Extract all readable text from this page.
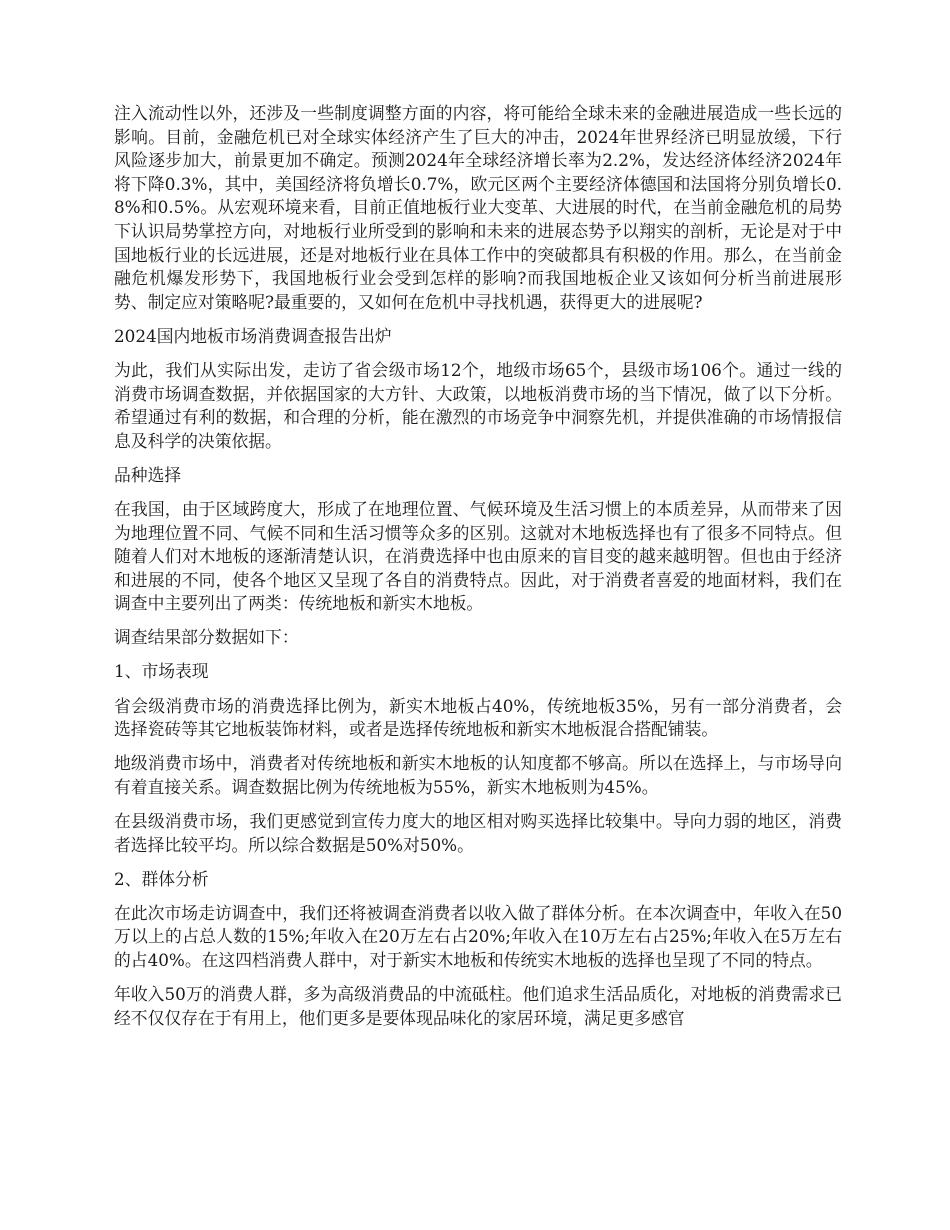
注入流动性以外，还涉及一些制度调整方面的内容，将可能给全球未来的金融进展造成一些长远的影响。目前，金融危机已对全球实体经济产生了巨大的冲击，2024年世界经济已明显放缓，下行风险逐步加大，前景更加不确定。预测2024年全球经济增长率为2.2%，发达经济体经济2024年将下降0.3%，其中，美国经济将负增长0.7%，欧元区两个主要经济体德国和法国将分别负增长0.8%和0.5%。从宏观环境来看，目前正值地板行业大变革、大进展的时代，在当前金融危机的局势下认识局势掌控方向，对地板行业所受到的影响和未来的进展态势予以翔实的剖析，无论是对于中国地板行业的长远进展，还是对地板行业在具体工作中的突破都具有积极的作用。那么，在当前金融危机爆发形势下，我国地板行业会受到怎样的影响?而我国地板企业又该如何分析当前进展形势、制定应对策略呢?最重要的，又如何在危机中寻找机遇，获得更大的进展呢?

2024国内地板市场消费调查报告出炉

为此，我们从实际出发，走访了省会级市场12个，地级市场65个，县级市场106个。通过一线的消费市场调查数据，并依据国家的大方针、大政策，以地板消费市场的当下情况，做了以下分析。希望通过有利的数据，和合理的分析，能在激烈的市场竞争中洞察先机，并提供准确的市场情报信息及科学的决策依据。

品种选择

在我国，由于区域跨度大，形成了在地理位置、气候环境及生活习惯上的本质差异，从而带来了因为地理位置不同、气候不同和生活习惯等众多的区别。这就对木地板选择也有了很多不同特点。但随着人们对木地板的逐渐清楚认识，在消费选择中也由原来的盲目变的越来越明智。但也由于经济和进展的不同，使各个地区又呈现了各自的消费特点。因此，对于消费者喜爱的地面材料，我们在调查中主要列出了两类：传统地板和新实木地板。

调查结果部分数据如下：

1、市场表现

省会级消费市场的消费选择比例为，新实木地板占40%，传统地板35%，另有一部分消费者，会选择瓷砖等其它地板装饰材料，或者是选择传统地板和新实木地板混合搭配铺装。

地级消费市场中，消费者对传统地板和新实木地板的认知度都不够高。所以在选择上，与市场导向有着直接关系。调查数据比例为传统地板为55%，新实木地板则为45%。

在县级消费市场，我们更感觉到宣传力度大的地区相对购买选择比较集中。导向力弱的地区，消费者选择比较平均。所以综合数据是50%对50%。

2、群体分析

在此次市场走访调查中，我们还将被调查消费者以收入做了群体分析。在本次调查中，年收入在50万以上的占总人数的15%;年收入在20万左右占20%;年收入在10万左右占25%;年收入在5万左右的占40%。在这四档消费人群中，对于新实木地板和传统实木地板的选择也呈现了不同的特点。

年收入50万的消费人群，多为高级消费品的中流砥柱。他们追求生活品质化，对地板的消费需求已经不仅仅存在于有用上，他们更多是要体现品味化的家居环境，满足更多感官
